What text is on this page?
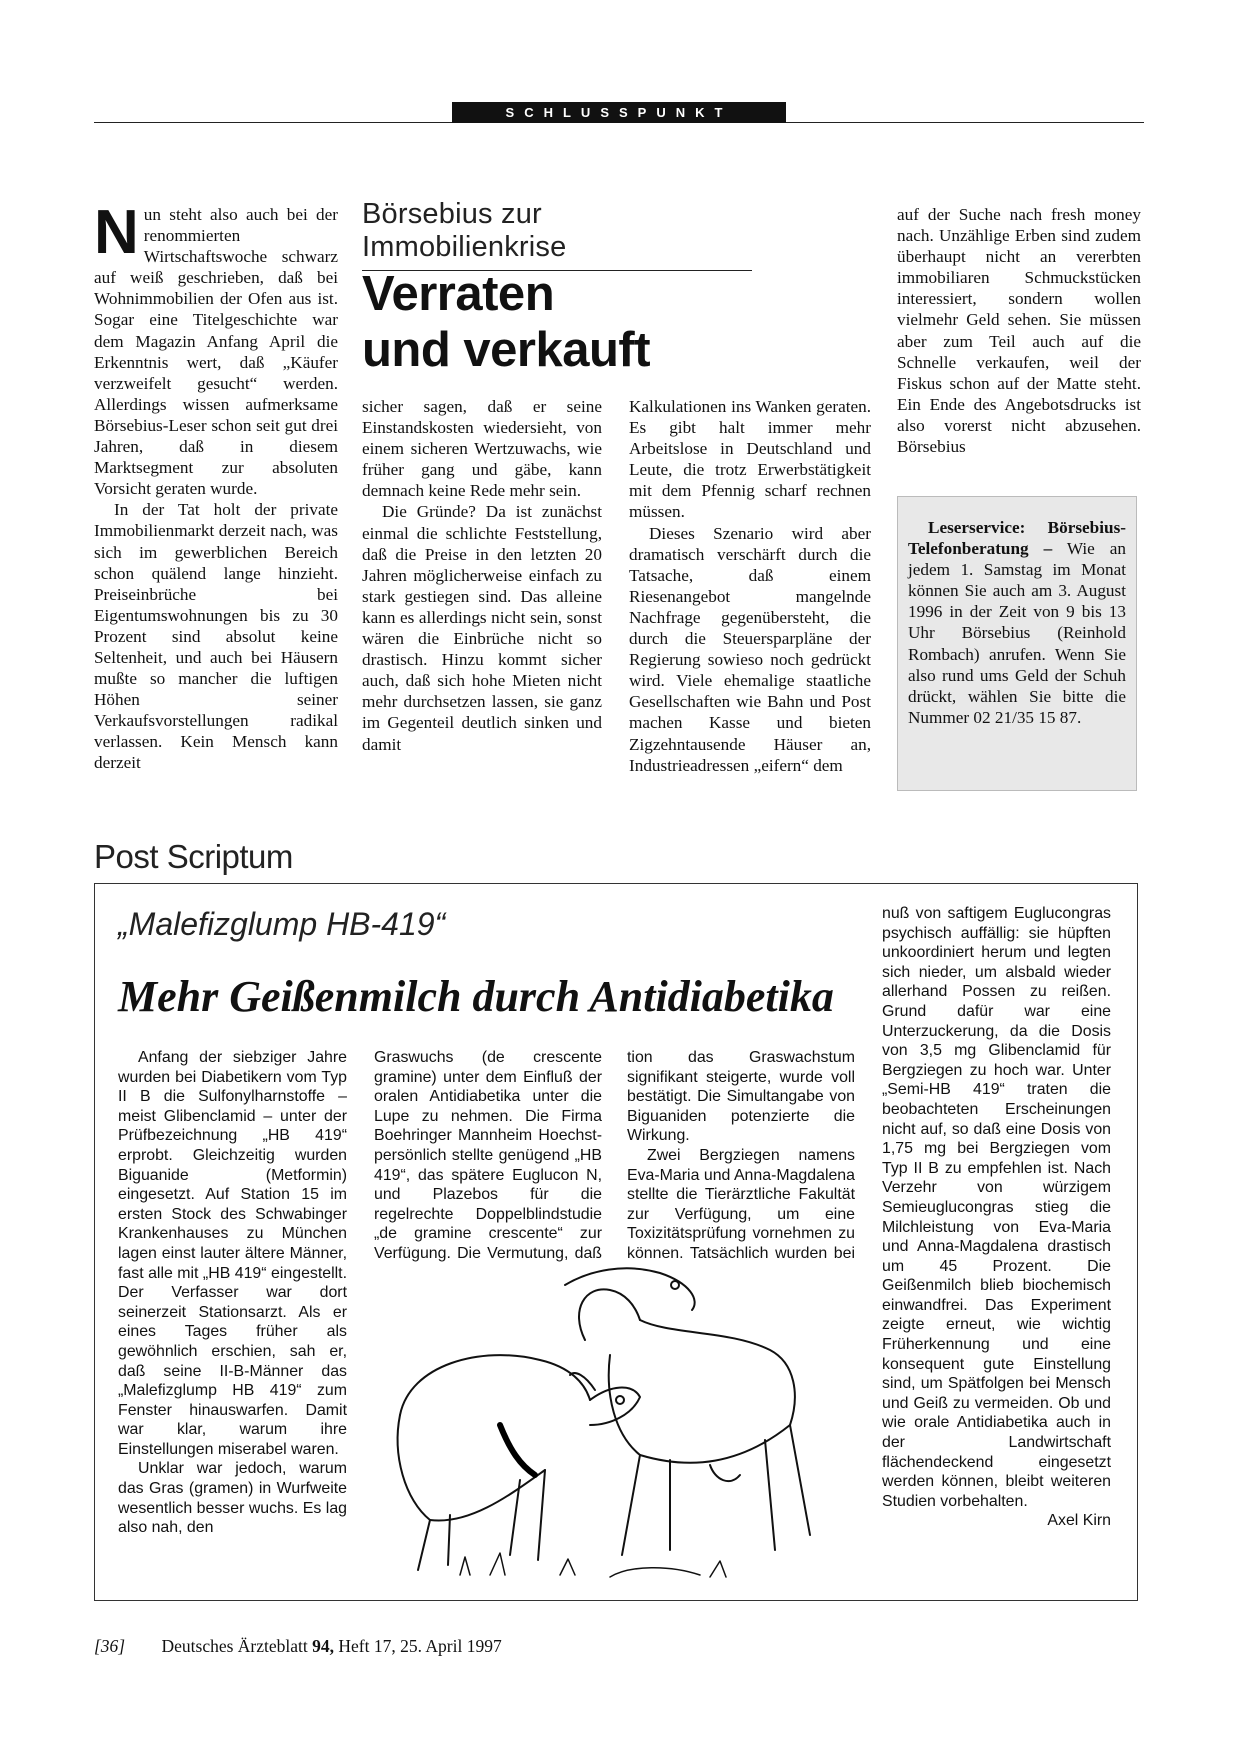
SCHLUSSPUNKT
Börsebius zur Immobilienkrise
Verraten
und verkauft

Nun steht also auch bei der renommierten Wirtschaftswoche schwarz auf weiß geschrieben, daß bei Wohnimmobilien der Ofen aus ist. Sogar eine Titelgeschichte war dem Magazin Anfang April die Erkenntnis wert, daß „Käufer verzweifelt gesucht“ werden. Allerdings wissen aufmerksame Börsebius-Leser schon seit gut drei Jahren, daß in diesem Marktsegment zur absoluten Vorsicht geraten wurde.

In der Tat holt der private Immobilienmarkt derzeit nach, was sich im gewerblichen Bereich schon quälend lange hinzieht. Preiseinbrüche bei Eigentumswohnungen bis zu 30 Prozent sind absolut keine Seltenheit, und auch bei Häusern mußte so mancher die luftigen Höhen seiner Verkaufsvorstellungen radikal verlassen. Kein Mensch kann derzeit

sicher sagen, daß er seine Einstandskosten wiedersieht, von einem sicheren Wertzuwachs, wie früher gang und gäbe, kann demnach keine Rede mehr sein.

Die Gründe? Da ist zunächst einmal die schlichte Feststellung, daß die Preise in den letzten 20 Jahren möglicherweise einfach zu stark gestiegen sind. Das alleine kann es allerdings nicht sein, sonst wären die Einbrüche nicht so drastisch. Hinzu kommt sicher auch, daß sich hohe Mieten nicht mehr durchsetzen lassen, sie ganz im Gegenteil deutlich sinken und damit

Kalkulationen ins Wanken geraten. Es gibt halt immer mehr Arbeitslose in Deutschland und Leute, die trotz Erwerbstätigkeit mit dem Pfennig scharf rechnen müssen.

Dieses Szenario wird aber dramatisch verschärft durch die Tatsache, daß einem Riesenangebot mangelnde Nachfrage gegenübersteht, die durch die Steuersparpläne der Regierung sowieso noch gedrückt wird. Viele ehemalige staatliche Gesellschaften wie Bahn und Post machen Kasse und bieten Zigzehntausende Häuser an, Industrieadressen „eifern“ dem

auf der Suche nach fresh money nach. Unzählige Erben sind zudem überhaupt nicht an vererbten immobiliaren Schmuckstücken interessiert, sondern wollen vielmehr Geld sehen. Sie müssen aber zum Teil auch auf die Schnelle verkaufen, weil der Fiskus schon auf der Matte steht. Ein Ende des Angebotsdrucks ist also vorerst nicht abzusehen. Börsebius

Leserservice: Börsebius-Telefonberatung – Wie an jedem 1. Samstag im Monat können Sie auch am 3. August 1996 in der Zeit von 9 bis 13 Uhr Börsebius (Reinhold Rombach) anrufen. Wenn Sie also rund ums Geld der Schuh drückt, wählen Sie bitte die Nummer 02 21/35 15 87.

Post Scriptum
„Malefizglump HB-419“
Mehr Geißenmilch durch Antidiabetika

Anfang der siebziger Jahre wurden bei Diabetikern vom Typ II B die Sulfonylharnstoffe – meist Glibenclamid – unter der Prüfbezeichnung „HB 419“ erprobt. Gleichzeitig wurden Biguanide (Metformin) eingesetzt. Auf Station 15 im ersten Stock des Schwabinger Krankenhauses zu München lagen einst lauter ältere Männer, fast alle mit „HB 419“ eingestellt. Der Verfasser war dort seinerzeit Stationsarzt. Als er eines Tages früher als gewöhnlich erschien, sah er, daß seine II-B-Männer das „Malefizglump HB 419“ zum Fenster hinauswarfen. Damit war klar, warum ihre Einstellungen miserabel waren.

Unklar war jedoch, warum das Gras (gramen) in Wurfweite wesentlich besser wuchs. Es lag also nah, den

Graswuchs (de crescente gramine) unter dem Einfluß der oralen Antidiabetika unter die Lupe zu nehmen. Die Firma Boehringer Mannheim Hoechst-persönlich stellte genügend „HB 419“, das spätere Euglucon N, und Plazebos für die regelrechte Doppelblindstudie „de gramine crescente“ zur Verfügung. Die Vermutung, daß eine „HB 419“-Applika-

tion das Graswachstum signifikant steigerte, wurde voll bestätigt. Die Simultangabe von Biguaniden potenzierte die Wirkung.

Zwei Bergziegen namens Eva-Maria und Anna-Magdalena stellte die Tierärztliche Fakultät zur Verfügung, um eine Toxizitätsprüfung vornehmen zu können. Tatsächlich wurden bei de Ziegen nach dem Ge-

nuß von saftigem Euglucongras psychisch auffällig: sie hüpften unkoordiniert herum und legten sich nieder, um alsbald wieder allerhand Possen zu reißen. Grund dafür war eine Unterzuckerung, da die Dosis von 3,5 mg Glibenclamid für Bergziegen zu hoch war. Unter „Semi-HB 419“ traten die beobachteten Erscheinungen nicht auf, so daß eine Dosis von 1,75 mg bei Bergziegen vom Typ II B zu empfehlen ist. Nach Verzehr von würzigem Semieuglucongras stieg die Milchleistung von Eva-Maria und Anna-Magdalena drastisch um 45 Prozent. Die Geißenmilch blieb biochemisch einwandfrei. Das Experiment zeigte erneut, wie wichtig Früherkennung und eine konsequent gute Einstellung sind, um Spätfolgen bei Mensch und Geiß zu vermeiden. Ob und wie orale Antidiabetika auch in der Landwirtschaft flächendeckend eingesetzt werden können, bleibt weiteren Studien vorbehalten.

Axel Kirn
[36] Deutsches Ärzteblatt 94, Heft 17, 25. April 1997
